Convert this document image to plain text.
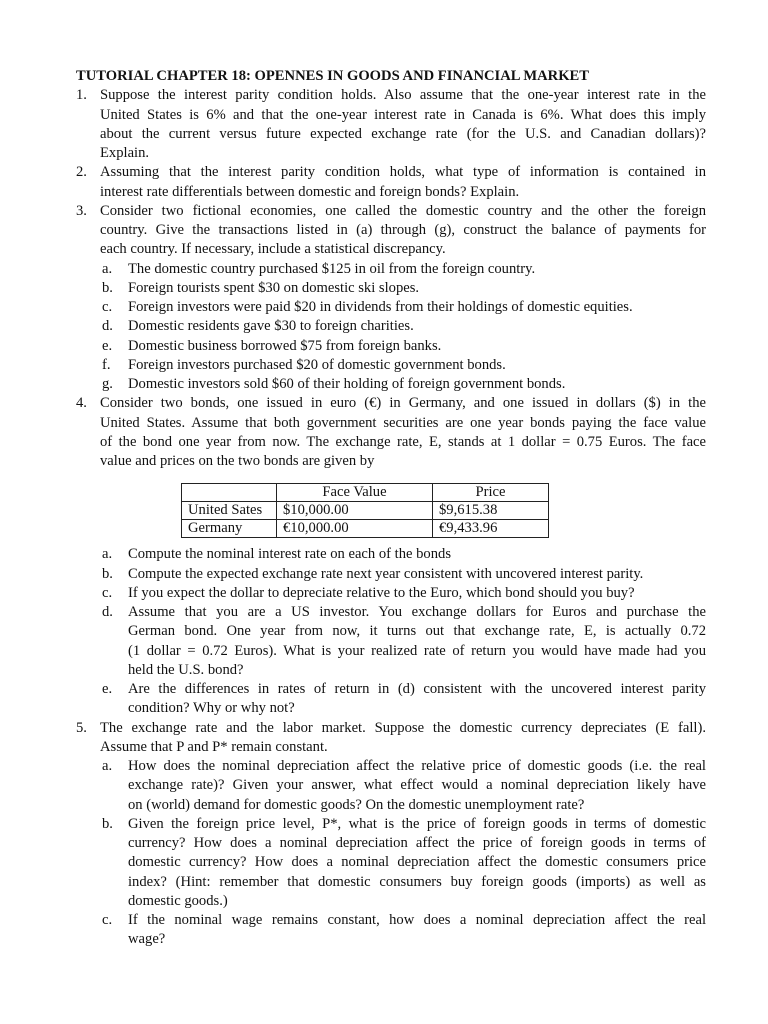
TUTORIAL CHAPTER 18: OPENNES IN GOODS AND FINANCIAL MARKET
1. Suppose the interest parity condition holds. Also assume that the one-year interest rate in the
United States is 6% and that the one-year interest rate in Canada is 6%. What does this imply
about the current versus future expected exchange rate (for the U.S. and Canadian dollars)?
Explain.
2. Assuming that the interest parity condition holds, what type of information is contained in
interest rate differentials between domestic and foreign bonds? Explain.
3. Consider two fictional economies, one called the domestic country and the other the foreign
country. Give the transactions listed in (a) through (g), construct the balance of payments for
each country. If necessary, include a statistical discrepancy.
a. The domestic country purchased $125 in oil from the foreign country.
b. Foreign tourists spent $30 on domestic ski slopes.
c. Foreign investors were paid $20 in dividends from their holdings of domestic equities.
d. Domestic residents gave $30 to foreign charities.
e. Domestic business borrowed $75 from foreign banks.
f. Foreign investors purchased $20 of domestic government bonds.
g. Domestic investors sold $60 of their holding of foreign government bonds.
4. Consider two bonds, one issued in euro (€) in Germany, and one issued in dollars ($) in the
United States. Assume that both government securities are one year bonds paying the face value
of the bond one year from now. The exchange rate, E, stands at 1 dollar = 0.75 Euros. The face
value and prices on the two bonds are given by
	Face Value	Price
United Sates	$10,000.00	$9,615.38
Germany	€10,000.00	€9,433.96
a. Compute the nominal interest rate on each of the bonds
b. Compute the expected exchange rate next year consistent with uncovered interest parity.
c. If you expect the dollar to depreciate relative to the Euro, which bond should you buy?
d. Assume that you are a US investor. You exchange dollars for Euros and purchase the
German bond. One year from now, it turns out that exchange rate, E, is actually 0.72
(1 dollar = 0.72 Euros). What is your realized rate of return you would have made had you
held the U.S. bond?
e. Are the differences in rates of return in (d) consistent with the uncovered interest parity
condition? Why or why not?
5. The exchange rate and the labor market. Suppose the domestic currency depreciates (E fall).
Assume that P and P* remain constant.
a. How does the nominal depreciation affect the relative price of domestic goods (i.e. the real
exchange rate)? Given your answer, what effect would a nominal depreciation likely have
on (world) demand for domestic goods? On the domestic unemployment rate?
b. Given the foreign price level, P*, what is the price of foreign goods in terms of domestic
currency? How does a nominal depreciation affect the price of foreign goods in terms of
domestic currency? How does a nominal depreciation affect the domestic consumers price
index? (Hint: remember that domestic consumers buy foreign goods (imports) as well as
domestic goods.)
c. If the nominal wage remains constant, how does a nominal depreciation affect the real
wage?
